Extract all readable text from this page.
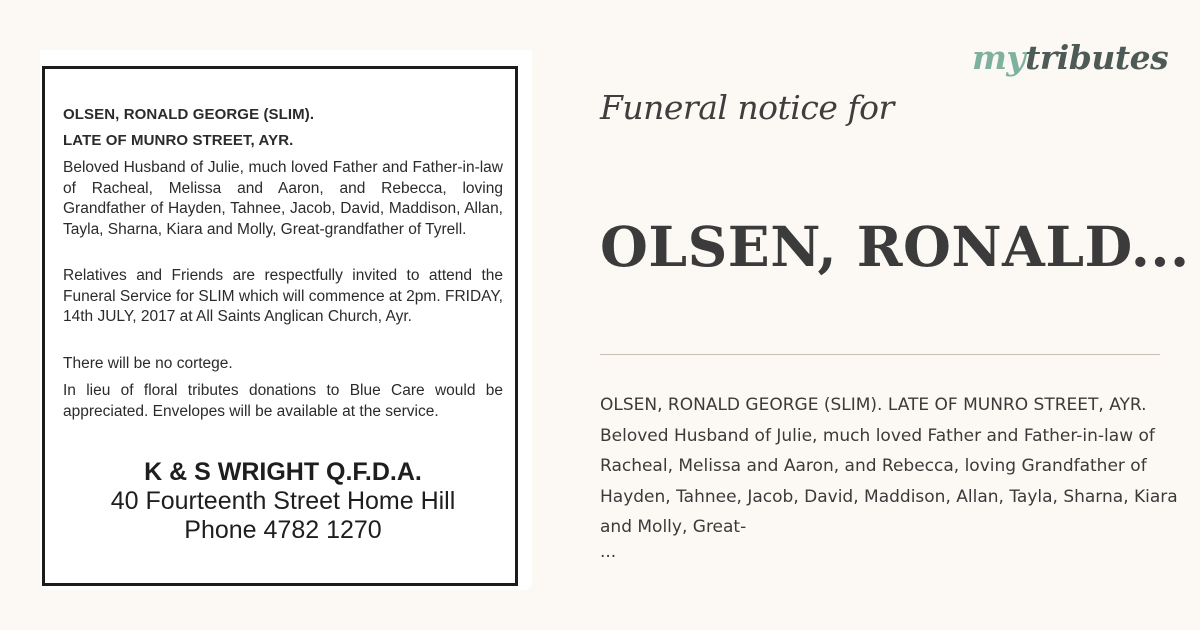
OLSEN, RONALD GEORGE (SLIM).
LATE OF MUNRO STREET, AYR.
Beloved Husband of Julie, much loved Father and Father-in-law of Racheal, Melissa and Aaron, and Rebecca, loving Grandfather of Hayden, Tahnee, Jacob, David, Maddison, Allan, Tayla, Sharna, Kiara and Molly, Great-grandfather of Tyrell.
Relatives and Friends are respectfully invited to attend the Funeral Service for SLIM which will commence at 2pm. FRIDAY, 14th JULY, 2017 at All Saints Anglican Church, Ayr.
There will be no cortege.
In lieu of floral tributes donations to Blue Care would be appreciated. Envelopes will be available at the service.
K & S WRIGHT Q.F.D.A.
40 Fourteenth Street Home Hill
Phone 4782 1270
mytributes
Funeral notice for
OLSEN, RONALD...
OLSEN, RONALD GEORGE (SLIM). LATE OF MUNRO STREET, AYR. Beloved Husband of Julie, much loved Father and Father-in-law of Racheal, Melissa and Aaron, and Rebecca, loving Grandfather of Hayden, Tahnee, Jacob, David, Maddison, Allan, Tayla, Sharna, Kiara and Molly, Great-
...
